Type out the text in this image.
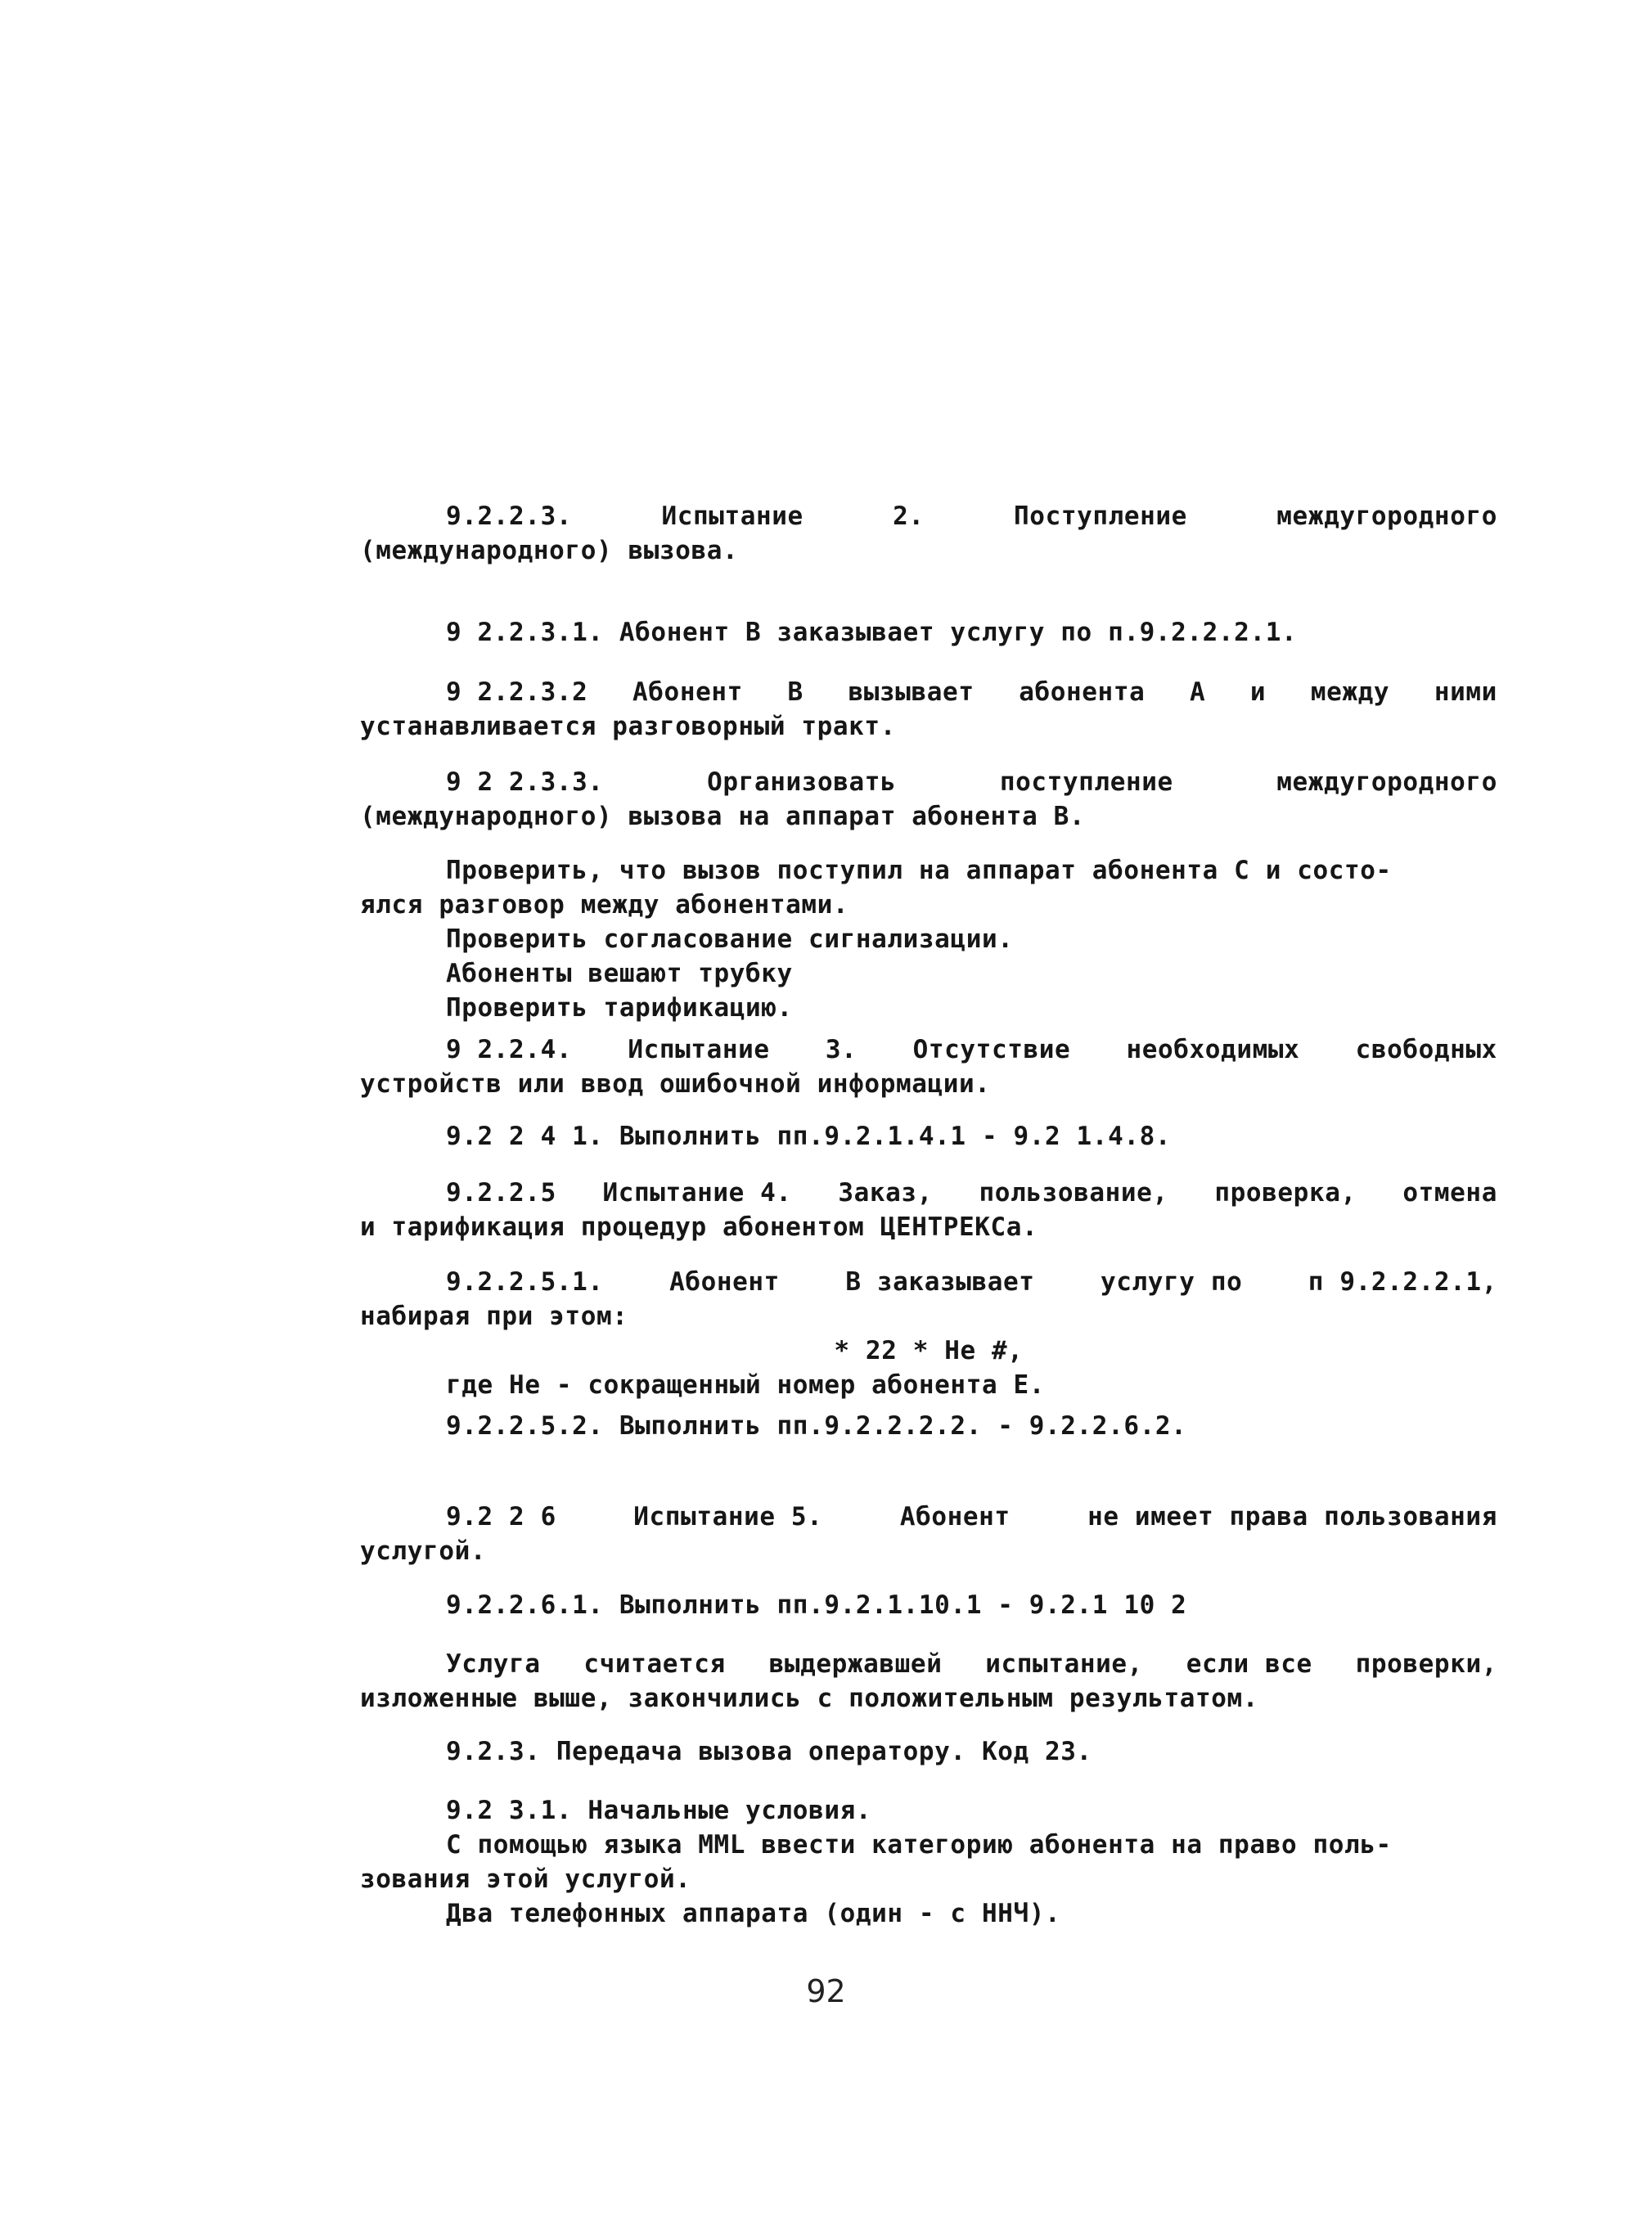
9.2.2.3.	Испытание	2.	Поступление	междугородного
(международного) вызова.
9 2.2.3.1. Абонент В заказывает услугу по п.9.2.2.2.1.
9 2.2.3.2 Абонент В вызывает абонента А и между ними
устанавливается разговорный тракт.
9 2 2.3.3.	Организовать	поступление	междугородного
(международного) вызова на аппарат абонента В.
Проверить, что вызов поступил на аппарат абонента С и состо-
ялся разговор между абонентами.
Проверить согласование сигнализации.
Абоненты вешают трубку
Проверить тарификацию.
9 2.2.4. Испытание 3. Отсутствие необходимых свободных
устройств или ввод ошибочной информации.
9.2 2 4 1. Выполнить пп.9.2.1.4.1 - 9.2 1.4.8.
9.2.2.5 Испытание 4. Заказ, пользование, проверка, отмена
и тарификация процедур абонентом ЦЕНТРЕКСа.
9.2.2.5.1.	Абонент	В заказывает	услугу по	п 9.2.2.2.1,
набирая при этом:
* 22 * Не #,
где Не - сокращенный номер абонента Е.
9.2.2.5.2. Выполнить пп.9.2.2.2.2. - 9.2.2.6.2.
9.2 2 6	Испытание 5.	Абонент	не имеет права пользования
услугой.
9.2.2.6.1. Выполнить пп.9.2.1.10.1 - 9.2.1 10 2
Услуга считается выдержавшей испытание, если все проверки,
изложенные выше, закончились с положительным результатом.
9.2.3. Передача вызова оператору. Код 23.
9.2 3.1. Начальные условия.
С помощью языка MML ввести категорию абонента на право поль-
зования этой услугой.
Два телефонных аппарата (один - с ННЧ).
92
